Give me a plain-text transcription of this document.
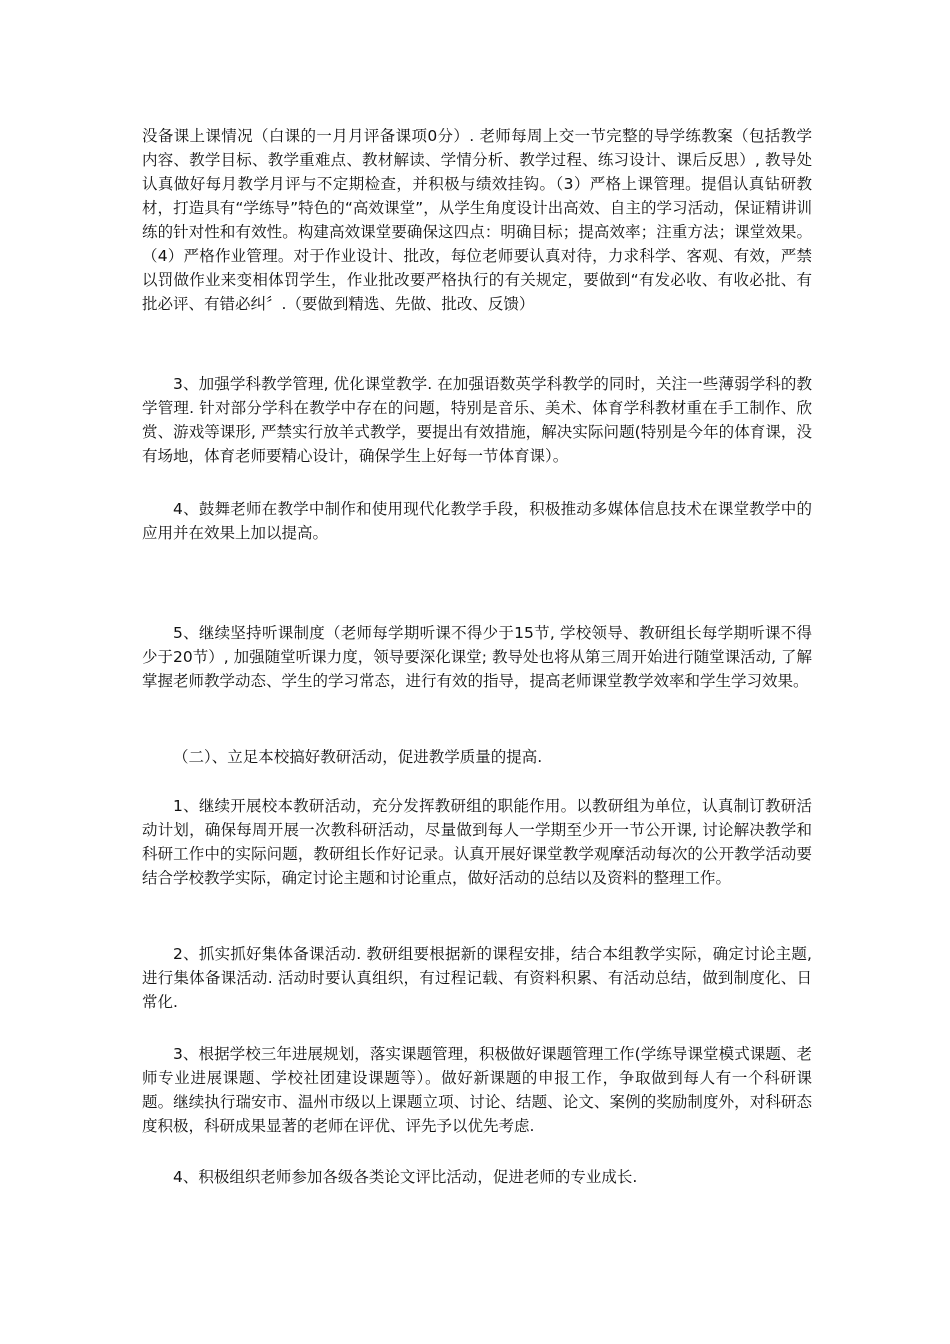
没备课上课情况（白课的一月月评备课项0分）. 老师每周上交一节完整的导学练教案（包括教学内容、教学目标、教学重难点、教材解读、学情分析、教学过程、练习设计、课后反思）, 教导处认真做好每月教学月评与不定期检查，并积极与绩效挂钩。（3）严格上课管理。提倡认真钻研教材，打造具有“学练导”特色的“高效课堂”，从学生角度设计出高效、自主的学习活动，保证精讲训练的针对性和有效性。构建高效课堂要确保这四点：明确目标；提高效率；注重方法；课堂效果。（4）严格作业管理。对于作业设计、批改，每位老师要认真对待，力求科学、客观、有效，严禁以罚做作业来变相体罚学生，作业批改要严格执行的有关规定，要做到“有发必收、有收必批、有批必评、有错必纠〞.（要做到精选、先做、批改、反馈）

3、加强学科教学管理, 优化课堂教学. 在加强语数英学科教学的同时，关注一些薄弱学科的教学管理. 针对部分学科在教学中存在的问题，特别是音乐、美术、体育学科教材重在手工制作、欣赏、游戏等课形, 严禁实行放羊式教学，要提出有效措施，解决实际问题(特别是今年的体育课，没有场地，体育老师要精心设计，确保学生上好每一节体育课）。

4、鼓舞老师在教学中制作和使用现代化教学手段，积极推动多媒体信息技术在课堂教学中的应用并在效果上加以提高。

5、继续坚持听课制度（老师每学期听课不得少于15节, 学校领导、教研组长每学期听课不得少于20节）, 加强随堂听课力度，领导要深化课堂; 教导处也将从第三周开始进行随堂课活动, 了解掌握老师教学动态、学生的学习常态，进行有效的指导，提高老师课堂教学效率和学生学习效果。

（二）、立足本校搞好教研活动，促进教学质量的提高.

1、继续开展校本教研活动，充分发挥教研组的职能作用。以教研组为单位，认真制订教研活动计划，确保每周开展一次教科研活动，尽量做到每人一学期至少开一节公开课, 讨论解决教学和科研工作中的实际问题，教研组长作好记录。认真开展好课堂教学观摩活动每次的公开教学活动要结合学校教学实际，确定讨论主题和讨论重点，做好活动的总结以及资料的整理工作。

2、抓实抓好集体备课活动. 教研组要根据新的课程安排，结合本组教学实际，确定讨论主题, 进行集体备课活动. 活动时要认真组织，有过程记载、有资料积累、有活动总结，做到制度化、日常化.

3、根据学校三年进展规划，落实课题管理，积极做好课题管理工作(学练导课堂模式课题、老师专业进展课题、学校社团建设课题等）。做好新课题的申报工作，争取做到每人有一个科研课题。继续执行瑞安市、温州市级以上课题立项、讨论、结题、论文、案例的奖励制度外，对科研态度积极，科研成果显著的老师在评优、评先予以优先考虑.

4、积极组织老师参加各级各类论文评比活动，促进老师的专业成长.
